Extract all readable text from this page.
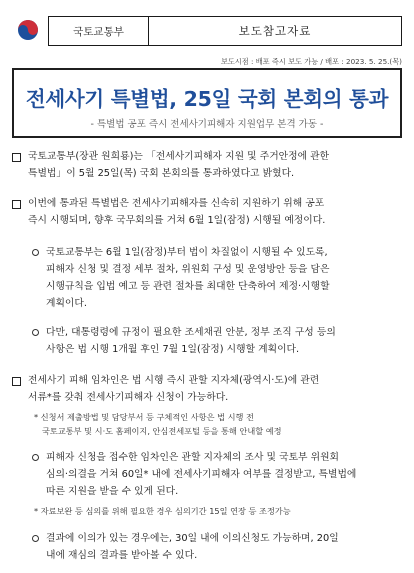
국토교통부	보도참고자료
보도시점 : 배포 즉시 보도 가능 / 배포 : 2023. 5. 25.(목)
전세사기 특별법, 25일 국회 본회의 통과
- 특별법 공포 즉시 전세사기피해자 지원업무 본격 가동 -
국토교통부(장관 원희룡)는 「전세사기피해자 지원 및 주거안정에 관한
특별법」이 5월 25일(목) 국회 본회의를 통과하였다고 밝혔다.
이번에 통과된 특별법은 전세사기피해자를 신속히 지원하기 위해 공포
즉시 시행되며, 향후 국무회의를 거쳐 6월 1일(잠정) 시행될 예정이다.
국토교통부는 6월 1일(잠정)부터 법이 차질없이 시행될 수 있도록,
피해자 신청 및 결정 세부 절차, 위원회 구성 및 운영방안 등을 담은
시행규칙을 입법 예고 등 관련 절차를 최대한 단축하여 제정·시행할
계획이다.
다만, 대통령령에 규정이 필요한 조세채권 안분, 정부 조직 구성 등의
사항은 법 시행 1개월 후인 7월 1일(잠정) 시행할 계획이다.
전세사기 피해 임차인은 법 시행 즉시 관할 지자체(광역시·도)에 관련
서류*를 갖춰 전세사기피해자 신청이 가능하다.
* 신청서 제출방법 및 담당부서 등 구체적인 사항은 법 시행 전
국토교통부 및 시·도 홈페이지, 안심전세포털 등을 통해 안내할 예정
피해자 신청을 접수한 임차인은 관할 지자체의 조사 및 국토부 위원회
심의·의결을 거쳐 60일* 내에 전세사기피해자 여부를 결정받고, 특별법에
따른 지원을 받을 수 있게 된다.
* 자료보완 등 심의를 위해 필요한 경우 심의기간 15일 연장 등 조정가능
결과에 이의가 있는 경우에는, 30일 내에 이의신청도 가능하며, 20일
내에 재심의 결과를 받아볼 수 있다.
